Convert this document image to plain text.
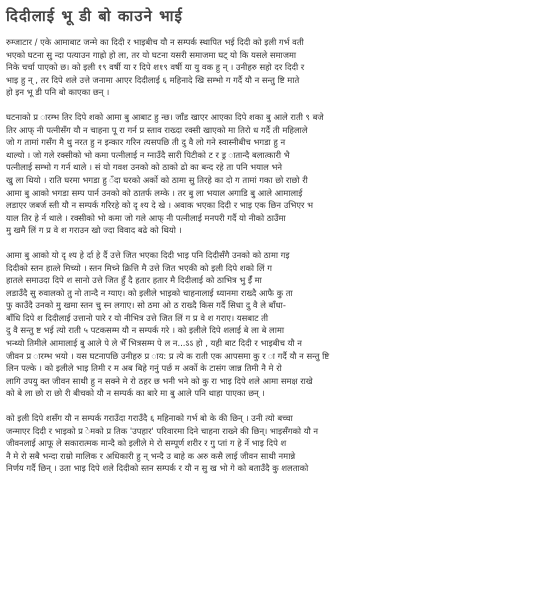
दिदीलाई भू डी बो काउने भाई
रुम्जाटार / एके आमाबाट जन्मे का दिदी र भाइबीच यौ न सम्पर्क स्थापित भई दिदी को इली गर्भ वती
भएको घटना सु न्दा पत्याउन गाह्रो हो ला, तर यो घटना यसरी समाजमा घट् यो कि यसले समाजमा
निके चर्चा पाएको छ। को इली १९ वर्षी या र दिपे श१९ वर्षी या यु वक हु न् । उनीहरु सहो दर दिदी र
भाइ हु न् , तर दिपे शले उत्ते जनामा आएर दिदीलाई ६ महिनादे खि सम्भो ग गर्दै यौ न सन्तु ष्टि माते
हो इन भू डी पनि बो काएका छन् ।
घटनाको प्र ारम्भ तिर दिपे शको आमा बु आबाट हु न्छ। जाँड खाएर आएका दिपे शका बु आले राती ९ बजे
तिर आफ् नी पत्नीसँग यौ न चाहना पू रा गर्न प्र स्ताव राख्दा रक्सी खाएको मा तिरो ध गर्दै ती महिलाले
जो ग तामां गसँग मै थु नरत हु न इन्कार गरिन त्यसपछि ती दु वै लो गने स्वास्नीबीच भगडा हु न
थाल्यो । जो गले रक्सीको भो कमा पत्नीलाई न ग्नाउँदै सारी पिटीको ट र ड्र ातान्दै बलात्कारी भै
पत्नीलाई सम्भो ग गर्न थाले । सं यो गवश उनको को ठाको ढो का बन्द रहे ता पनि भयाल भने
खु ला थियो । राति घरमा भगडा हु ँदा घरको अर्को को ठामा सु तिरहे का दो ग तामां गका छो राछो री
आमा बु आको भगडा सम्प पार्न उनको को ठातर्फ लम्के । तर बु ला भयाल अगाडि बु आले आमालाई
लडाएर जबर्ज स्ती यौ न सम्पर्क गरिरहे को दृ श्य दे खे । अवाक भएका दिदी र भाइ एक छिन उभिएर भ
याल तिर हे र्न थाले । रक्सीको भो कमा जो गले आफ् नी पत्नीलाई मनपरी गर्दै यो नीको ठाउँमा
मु खमै लिं ग प्र वे श गराउन खो ज्दा विवाद बढे को थियो ।
आमा बु आको यो दृ श्य हे र्दा हे र्दै उत्ते जित भएका दिदी भाइ पनि दिदीसँगै उनको को ठामा गइ
दिदीको स्तन हात्ले मिच्यो । स्तन मिच्ने क्रित्ति मै उत्ते जित भएकी को इली दिपे शको लिं ग
हातले समाउदा दिपे श सानो उत्ते जित हुँ दै हतार हतार मै दिदीलाई को ठाभित्र भु ईँ मा
लडाउँदै सु रुवालको तु नो तान्दै न ग्याए। को इलीले भाइको चाहनालाई ध्यानमा राख्दै आफै कु ता
फु काउँदै उनको मु खमा स्तन चु स्न लगाए। सो ठमा ओ ठ राख्दै किस गर्दै सिधा दु वै ले बाँधा-
बाँधि दिपे श दिदीलाई उत्तानो पारे र यो नीभित्र उत्ते जित लिं ग प्र वे श गराए। यसबाट ती
दु वै सन्तु ष्ट भई त्यो राती ५ पटकसम्म यौ न सम्पर्क गरे । को इलीले दिपे शलाई बे ला बे लामा
भन्थ्यो तिमीले आमालाई बु आले पे ले भैँ भित्रसम्म पे ल न...ऽऽ हो , यही बाट दिदी र भाइबीच यौ न
जीवन प्र ारम्भ भयो । यस घटनापछि उनीहरु प्र ाय: प्र त्ये क राती एक आपसमा कु र ा गर्दै यौ न सन्तु ष्टि
लिन पल्के । को इलीले भाइ तिमी र म अब बिहे गनुं पर्छ म अर्को के टासंग जान्न तिमी नै मे रो
लागि उपयु क्त जीवन साथी हु न सक्ने मे रो ठहर छ भनी भने को कु रा भाइ दिपे शले आमा समक्ष राखे
को बे ला छो रा छो री बीचको यौ न सम्पर्क का बारे मा बु आले पनि थाहा पाएका छन् ।
को इली दिपे शसँग यौ न सम्पर्क गराउँदा गराउँदै ६ महिनाको गर्भ बो के की छिन् । उनी त्यो बच्चा
जन्माएर दिदी र भाइको प्र ेमको प्र तिक 'उपहार' परिवारमा दिने चाहना राख्ने की छिन्। भाइसँगको यौ न
जीवनलाई आफू ले सकारात्मक मान्दै को इलीले मे रो सम्पूर्ण शरीर र गु प्तां ग हे र्ने भाइ दिपे श
नै मे रो सबै भन्दा राम्रो मालिक र अधिकारी हु न् भन्दै उ बाहे क अरु कसै लाई जीवन साथी नमान्ने
निर्णय गर्दै छिन् । उता भाइ दिपे शले दिदीको स्तन सम्पर्क र यौ न सु ख भो गे को बताउँदै कु शलताको
